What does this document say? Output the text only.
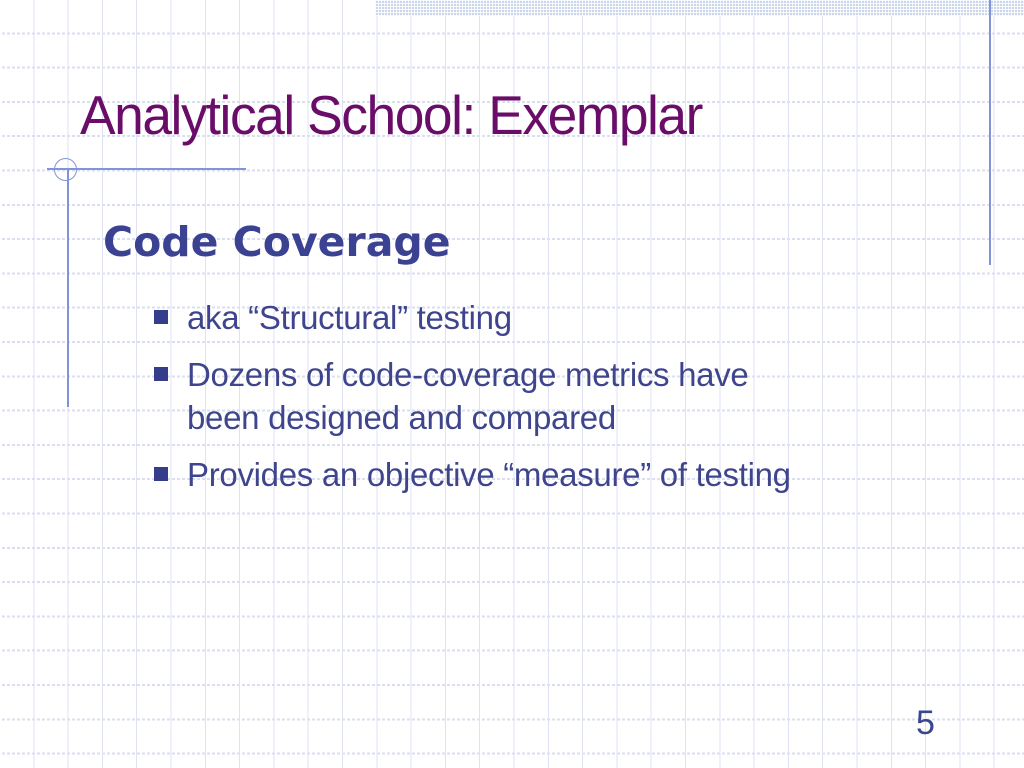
Analytical School: Exemplar
Code Coverage
aka “Structural” testing
Dozens of code-coverage metrics have
been designed and compared
Provides an objective “measure” of testing
5
